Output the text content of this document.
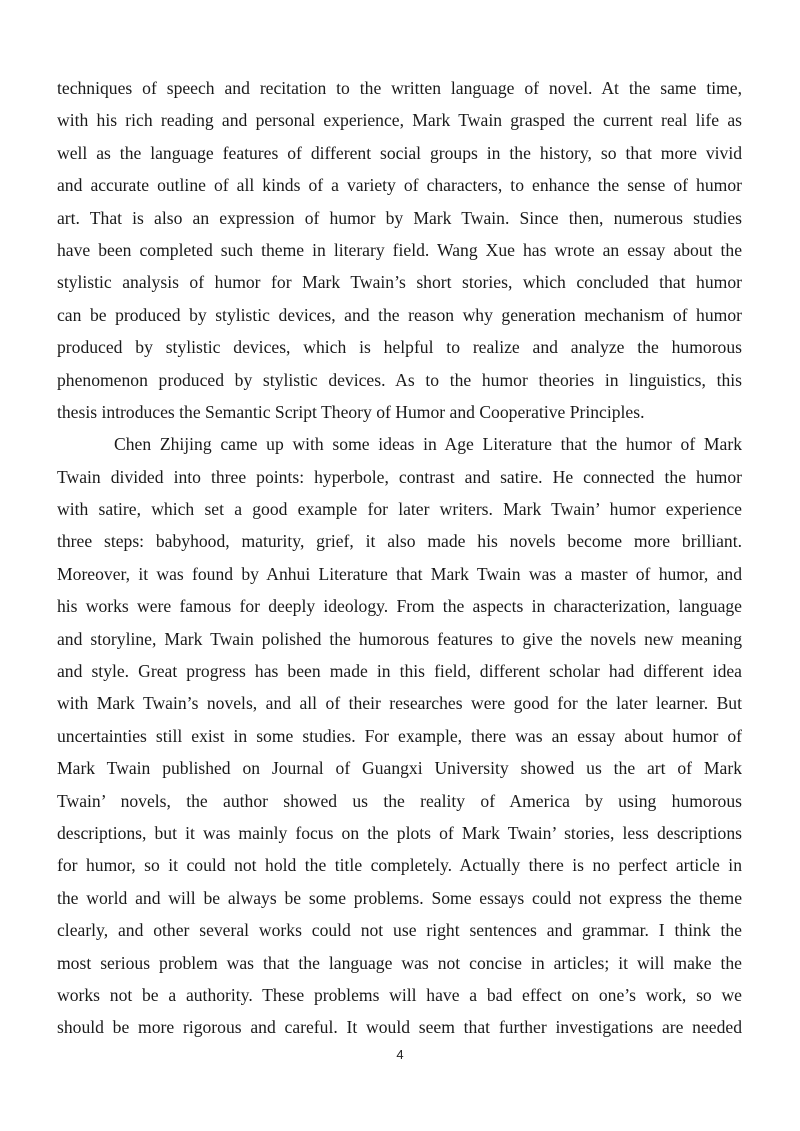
techniques of speech and recitation to the written language of novel. At the same time,
with his rich reading and personal experience, Mark Twain grasped the current real life as
well as the language features of different social groups in the history, so that more vivid
and accurate outline of all kinds of a variety of characters, to enhance the sense of humor
art. That is also an expression of humor by Mark Twain. Since then, numerous studies
have been completed such theme in literary field. Wang Xue has wrote an essay about the
stylistic analysis of humor for Mark Twain’s short stories, which concluded that humor
can be produced by stylistic devices, and the reason why generation mechanism of humor
produced by stylistic devices, which is helpful to realize and analyze the humorous
phenomenon produced by stylistic devices. As to the humor theories in linguistics, this
thesis introduces the Semantic Script Theory of Humor and Cooperative Principles.
Chen Zhijing came up with some ideas in Age Literature that the humor of Mark
Twain divided into three points: hyperbole, contrast and satire. He connected the humor
with satire, which set a good example for later writers. Mark Twain’ humor experience
three steps: babyhood, maturity, grief, it also made his novels become more brilliant.
Moreover, it was found by Anhui Literature that Mark Twain was a master of humor, and
his works were famous for deeply ideology. From the aspects in characterization, language
and storyline, Mark Twain polished the humorous features to give the novels new meaning
and style. Great progress has been made in this field, different scholar had different idea
with Mark Twain’s novels, and all of their researches were good for the later learner. But
uncertainties still exist in some studies. For example, there was an essay about humor of
Mark Twain published on Journal of Guangxi University showed us the art of Mark
Twain’ novels, the author showed us the reality of America by using humorous
descriptions, but it was mainly focus on the plots of Mark Twain’ stories, less descriptions
for humor, so it could not hold the title completely. Actually there is no perfect article in
the world and will be always be some problems. Some essays could not express the theme
clearly, and other several works could not use right sentences and grammar. I think the
most serious problem was that the language was not concise in articles; it will make the
works not be a authority. These problems will have a bad effect on one’s work, so we
should be more rigorous and careful. It would seem that further investigations are needed
4
